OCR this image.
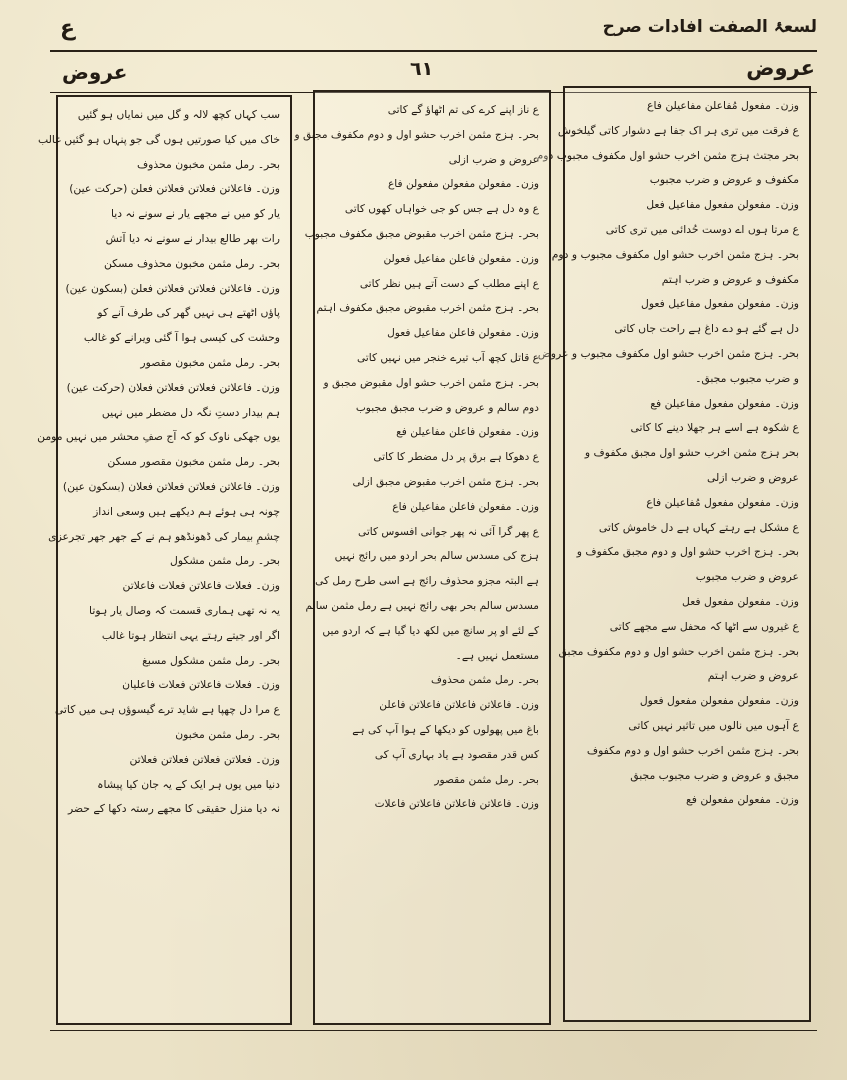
ع	لسعۂ الصفت افادات صرح
عروض	٦١	عروض
وزن۔ مفعول مُفاعلن مفاعیلن فاع
ع فرقت میں تری ہر اک جفا ہے دشوار کاتی گیلخوش
بحر مجتث ہزج مثمن اخرب حشو اول مکفوف مجبوب دوم
مکفوف و عروض و ضرب مجبوب
وزن۔ مفعولن مفعول مفاعیل فعل
ع مرتا ہوں اے دوست حُدائی میں تری کاتی
بحر۔ ہزج مثمن اخرب حشو اول مکفوف مجبوب و دوم
مکفوف و عروض و ضرب اہتم
وزن۔ مفعولن مفعول مفاعیل فعول
دل ہے گئے ہو دے داغ ہے راحت جاں کاتی
بحر۔ ہزج مثمن اخرب حشو اول مکفوف مجبوب و عروض
و ضرب مجبوب مجبق۔
وزن۔ مفعولن مفعول مفاعیلن فع
ع شکوہ ہے اسے ہر جھلا دینے کا کاتی
بحر ہزج مثمن اخرب حشو اول مجبق مکفوف و
عروض و ضرب ازلی
وزن۔ مفعولن مفعول مُفاعیلن فاع
ع مشکل ہے رہتے کہاں ہے دل خاموش کاتی
بحر۔ ہزج اخرب حشو اول و دوم مجبق مکفوف و
عروض و ضرب مجبوب
وزن۔ مفعولن مفعول فعل
ع غیروں سے اٹھا کہ محفل سے مجھے کاتی
بحر۔ ہزج مثمن اخرب حشو اول و دوم مکفوف مجبق
عروض و ضرب اہتم
وزن۔ مفعولن مفعولن مفعول فعول
ع آہوں میں نالوں میں تاثیر نہیں کاتی
بحر۔ ہزج مثمن اخرب حشو اول و دوم مکفوف
مجبق و عروض و ضرب مجبوب مجبق
وزن۔ مفعولن مفعولن فع
ع ناز اپنے کرے کی تم اٹھاؤ گے کاتی
بحر۔ ہزج مثمن اخرب حشو اول و دوم مکفوف مجبق و
عروض و ضرب ازلی
وزن۔ مفعولن مفعولن مفعولن فاع
ع وہ دل ہے جس کو جی خواہاں کھوں کاتی
بحر۔ ہزج مثمن اخرب مقبوض مجبق مکفوف مجبوب
وزن۔ مفعولن فاعلن مفاعیل فعولن
ع اپنے مطلب کے دست آتے ہیں نظر کاتی
بحر۔ ہزج مثمن اخرب مقبوض مجبق مکفوف اہتم
وزن۔ مفعولن فاعلن مفاعیل فعول
ع قاتل کچھ آب تیرے خنجر میں نہیں کاتی
بحر۔ ہزج مثمن اخرب حشو اول مقبوض مجبق و
دوم سالم و عروض و ضرب مجبق مجبوب
وزن۔ مفعولن فاعلن مفاعیلن فع
ع دھوکا ہے برق پر دل مضطر کا کاتی
بحر۔ ہزج مثمن اخرب مقبوض مجبق ازلی
وزن۔ مفعولن فاعلن مفاعیلن فاع
ع پھر گرا آئی نہ پھر جوانی افسوس کاتی
ہزج کی مسدس سالم بحر اردو میں رائج نہیں
ہے البتہ مجزو محذوف رائج ہے اسی طرح رمل کی
مسدس سالم بحر بھی رائج نہیں ہے رمل مثمن سالم
کے لئے او پر سانچ میں لکھ دیا گیا ہے کہ اردو میں
مستعمل نہیں ہے۔
بحر۔ رمل مثمن محذوف
وزن۔ فاعلاتن فاعلاتن فاعلاتن فاعلن
باغ میں پھولوں کو دیکھا کے ہوا آپ کی ہے
کس قدر مقصود ہے یاد بہاری آپ کی
بحر۔ رمل مثمن مقصور
وزن۔ فاعلاتن فاعلاتن فاعلاتن فاعلات
سب کہاں کچھ لالہ و گل میں نمایاں ہو گئیں
خاک میں کیا صورتیں ہوں گی جو پنہاں ہو گئیں غالب
بحر۔ رمل مثمن مخبون محذوف
وزن۔ فاعلاتن فعلاتن فعلاتن فعلن (حرکت عین)
یار کو میں نے مجھے یار نے سونے نہ دیا
رات بھر طالع بیدار نے سونے نہ دیا آتش
بحر۔ رمل مثمن مخبون محذوف مسکن
وزن۔ فاعلاتن فعلاتن فعلاتن فعلن (بسکون عین)
پاؤں اٹھتے ہی نہیں گھر کی طرف آنے کو
وحشت کی کیسی ہوا آ گئی ویرانے کو غالب
بحر۔ رمل مثمن مخبون مقصور
وزن۔ فاعلاتن فعلاتن فعلاتن فعلان (حرکت عین)
ہم بیدار دستِ نگہ دل مضطر میں نہیں
یوں جھکی ناوک کو کہ آج صفِ محشر میں نہیں مومن
بحر۔ رمل مثمن مخبون مقصور مسکن
وزن۔ فاعلاتن فعلاتن فعلاتن فعلان (بسکون عین)
چونہ ہی ہوئے ہم دیکھے ہیں وسعی انداز
چشمِ بیمار کی ڈھونڈھو ہم نے کے جھر جھر تجرعزی
بحر۔ رمل مثمن مشکول
وزن۔ فعلات فاعلاتن فعلات فاعلاتن
یہ نہ تھی ہماری قسمت کہ وصال یار ہوتا
اگر اور جیتے رہتے یہی انتظار ہوتا غالب
بحر۔ رمل مثمن مشکول مسبغ
وزن۔ فعلات فاعلاتن فعلات فاعلیان
ع مرا دل چھپا ہے شاید ترے گیسوؤں ہی میں کاتی
بحر۔ رمل مثمن مخبون
وزن۔ فعلاتن فعلاتن فعلاتن فعلاتن
دنیا میں یوں ہر ایک کے یہ جان کیا پیشاہ
نہ دیا منزل حقیقی کا مجھے رستہ دکھا کے حضر
